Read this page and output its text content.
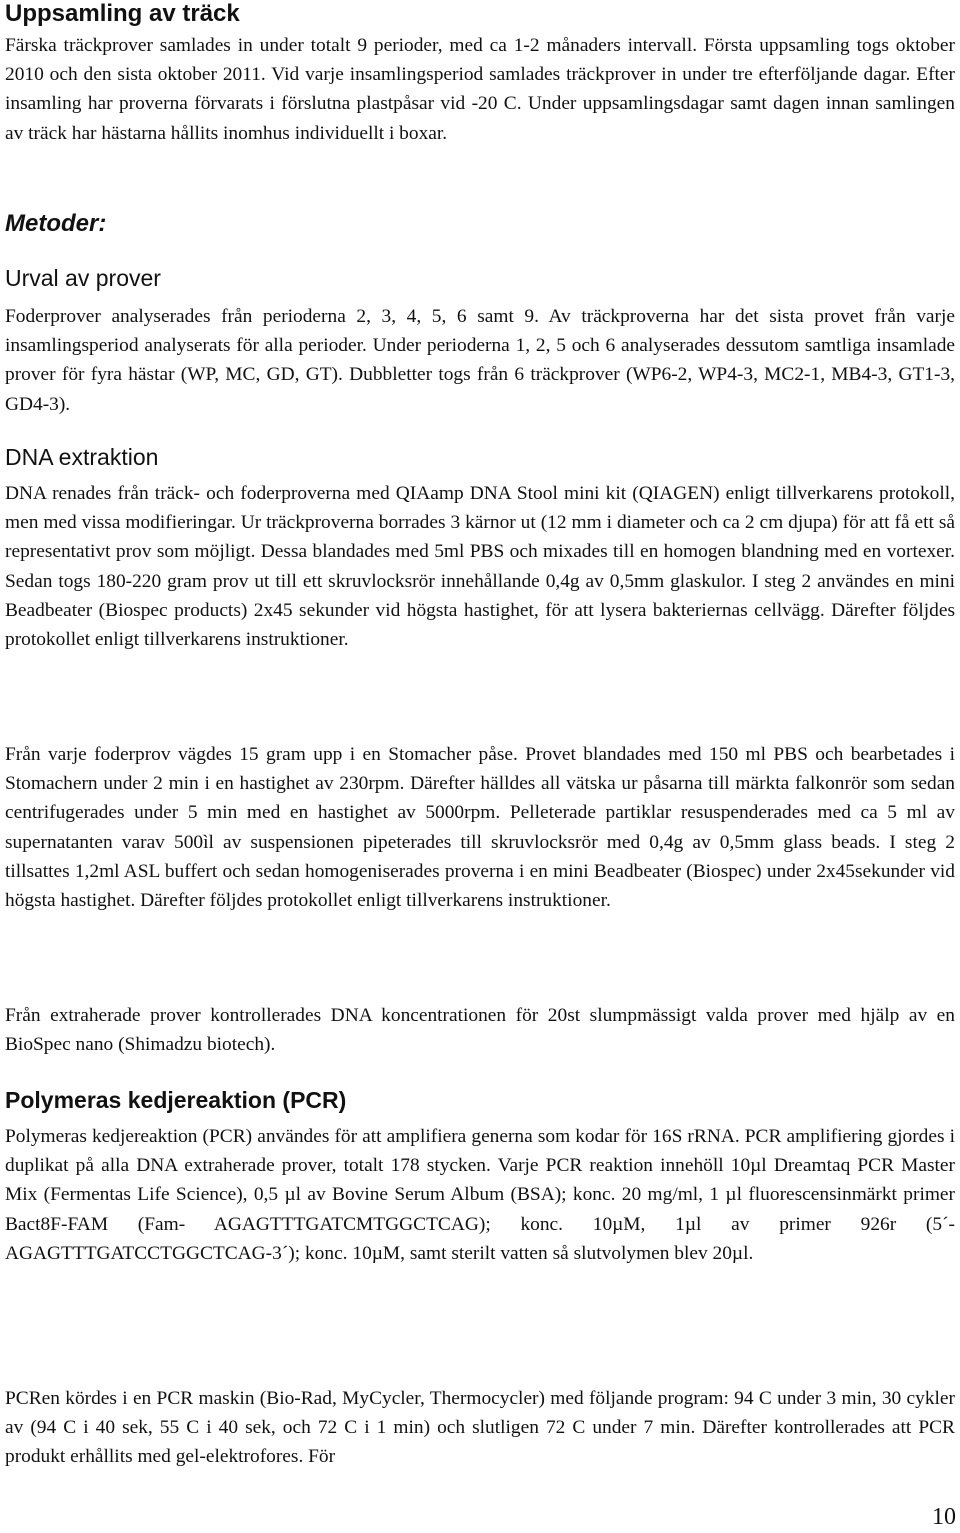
Uppsamling av träck

Färska träckprover samlades in under totalt 9 perioder, med ca 1-2 månaders intervall. Första uppsamling togs oktober 2010 och den sista oktober 2011. Vid varje insamlingsperiod samlades träckprover in under tre efterföljande dagar. Efter insamling har proverna förvarats i förslutna plastpåsar vid -20 C. Under uppsamlingsdagar samt dagen innan samlingen av träck har hästarna hållits inomhus individuellt i boxar.

Metoder:
Urval av prover

Foderprover analyserades från perioderna 2, 3, 4, 5, 6 samt 9. Av träckproverna har det sista provet från varje insamlingsperiod analyserats för alla perioder. Under perioderna 1, 2, 5 och 6 analyserades dessutom samtliga insamlade prover för fyra hästar (WP, MC, GD, GT). Dubbletter togs från 6 träckprover (WP6-2, WP4-3, MC2-1, MB4-3, GT1-3, GD4-3).

DNA extraktion

DNA renades från träck- och foderproverna med QIAamp DNA Stool mini kit (QIAGEN) enligt tillverkarens protokoll, men med vissa modifieringar. Ur träckproverna borrades 3 kärnor ut (12 mm i diameter och ca 2 cm djupa) för att få ett så representativt prov som möjligt. Dessa blandades med 5ml PBS och mixades till en homogen blandning med en vortexer. Sedan togs 180-220 gram prov ut till ett skruvlocksrör innehållande 0,4g av 0,5mm glaskulor. I steg 2 användes en mini Beadbeater (Biospec products) 2x45 sekunder vid högsta hastighet, för att lysera bakteriernas cellvägg. Därefter följdes protokollet enligt tillverkarens instruktioner.

Från varje foderprov vägdes 15 gram upp i en Stomacher påse. Provet blandades med 150 ml PBS och bearbetades i Stomachern under 2 min i en hastighet av 230rpm. Därefter hälldes all vätska ur påsarna till märkta falkonrör som sedan centrifugerades under 5 min med en hastighet av 5000rpm. Pelleterade partiklar resuspenderades med ca 5 ml av supernatanten varav 500ìl av suspensionen pipeterades till skruvlocksrör med 0,4g av 0,5mm glass beads. I steg 2 tillsattes 1,2ml ASL buffert och sedan homogeniserades proverna i en mini Beadbeater (Biospec) under 2x45sekunder vid högsta hastighet. Därefter följdes protokollet enligt tillverkarens instruktioner.

Från extraherade prover kontrollerades DNA koncentrationen för 20st slumpmässigt valda prover med hjälp av en BioSpec nano (Shimadzu biotech).

Polymeras kedjereaktion (PCR)

Polymeras kedjereaktion (PCR) användes för att amplifiera generna som kodar för 16S rRNA. PCR amplifiering gjordes i duplikat på alla DNA extraherade prover, totalt 178 stycken. Varje PCR reaktion innehöll 10µl Dreamtaq PCR Master Mix (Fermentas Life Science), 0,5 µl av Bovine Serum Album (BSA); konc. 20 mg/ml, 1 µl fluorescensinmärkt primer Bact8F-FAM (Fam- AGAGTTTGATCMTGGCTCAG); konc. 10µM, 1µl av primer 926r (5´-AGAGTTTGATCCTGGCTCAG-3´); konc. 10µM, samt sterilt vatten så slutvolymen blev 20µl.

PCRen kördes i en PCR maskin (Bio-Rad, MyCycler, Thermocycler) med följande program: 94 C under 3 min, 30 cykler av (94 C i 40 sek, 55 C i 40 sek, och 72 C i 1 min) och slutligen 72 C under 7 min. Därefter kontrollerades att PCR produkt erhållits med gel-elektrofores. För

10
